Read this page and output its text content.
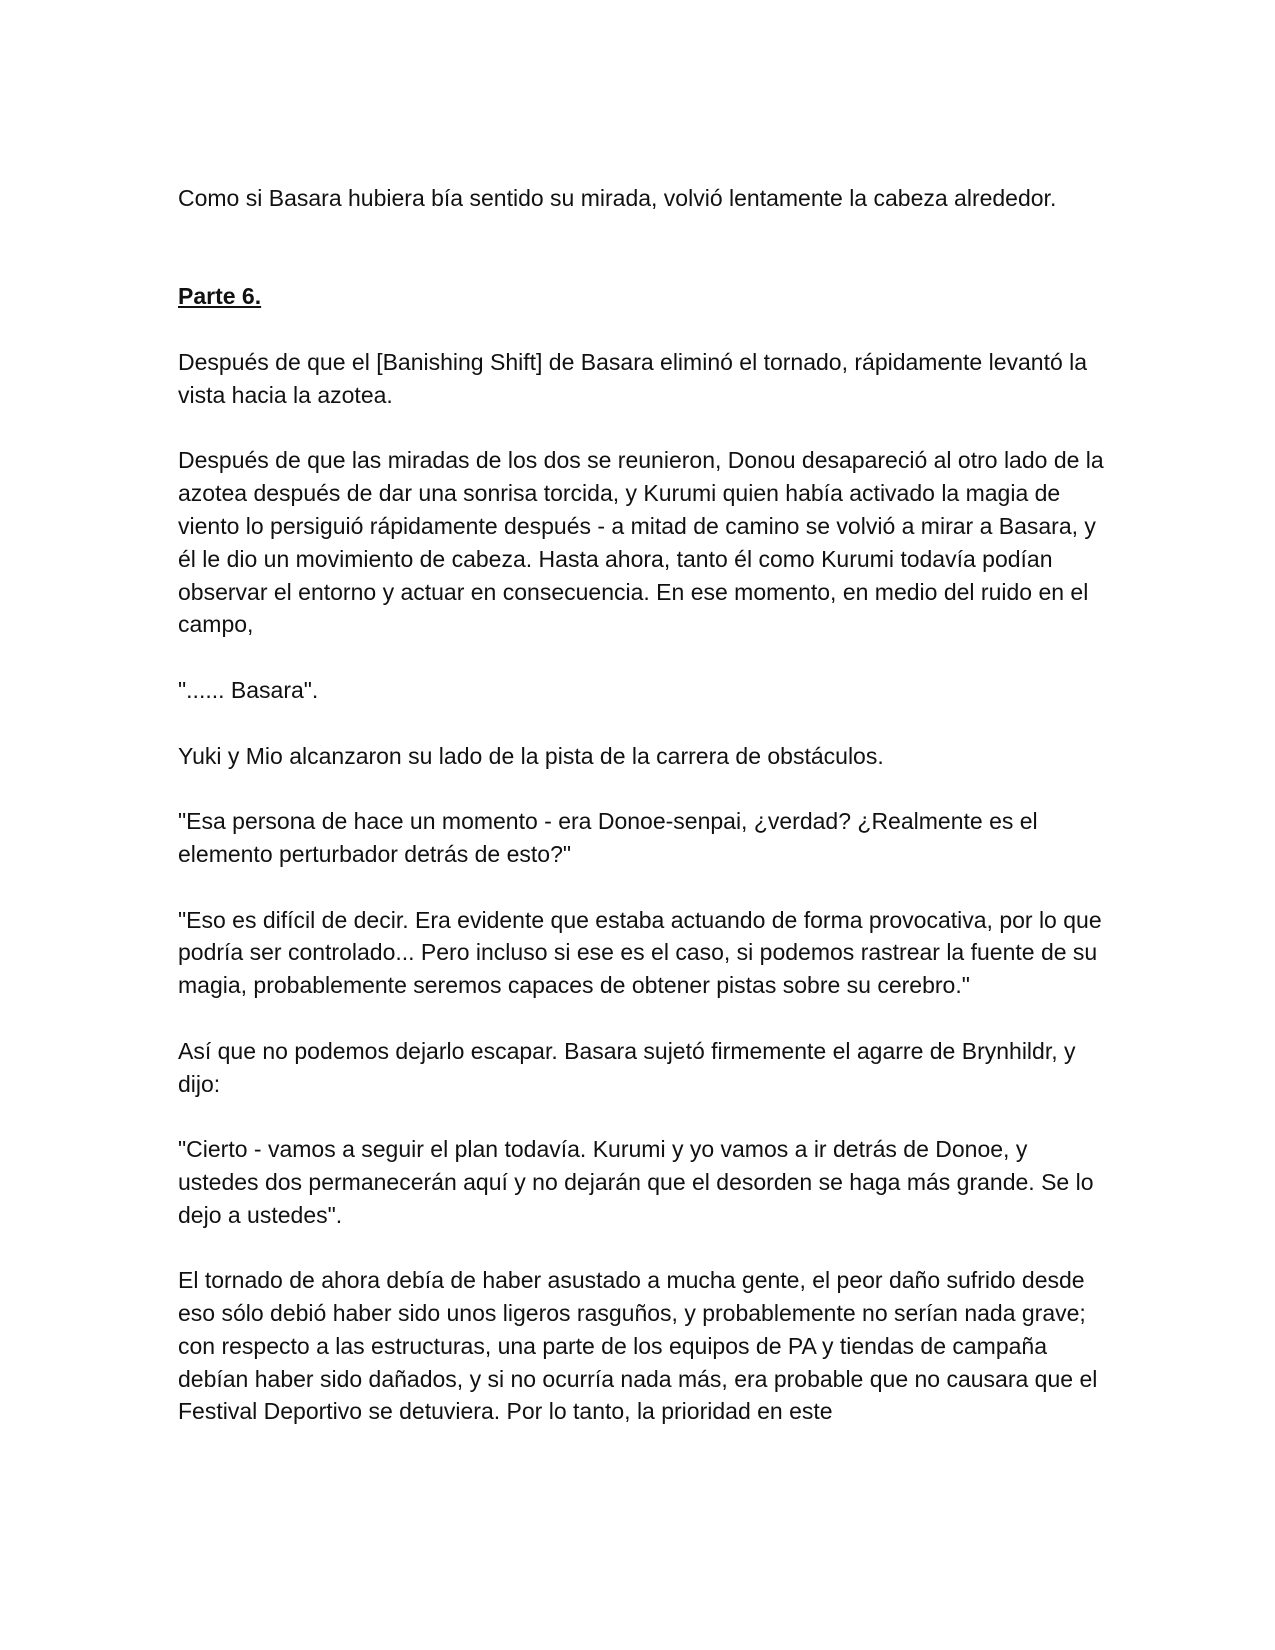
Como si Basara hubiera bía sentido su mirada, volvió lentamente la cabeza alrededor.

Parte 6.

Después de que el [Banishing Shift] de Basara eliminó el tornado, rápidamente levantó la vista hacia la azotea.

Después de que las miradas de los dos se reunieron, Donou desapareció al otro lado de la azotea después de dar una sonrisa torcida, y Kurumi quien había activado la magia de viento lo persiguió rápidamente después - a mitad de camino se volvió a mirar a Basara, y él le dio un movimiento de cabeza. Hasta ahora, tanto él como Kurumi todavía podían observar el entorno y actuar en consecuencia. En ese momento, en medio del ruido en el campo,

"...... Basara".

Yuki y Mio alcanzaron su lado de la pista de la carrera de obstáculos.

"Esa persona de hace un momento - era Donoe-senpai, ¿verdad? ¿Realmente es el elemento perturbador detrás de esto?"

"Eso es difícil de decir. Era evidente que estaba actuando de forma provocativa, por lo que podría ser controlado... Pero incluso si ese es el caso, si podemos rastrear la fuente de su magia, probablemente seremos capaces de obtener pistas sobre su cerebro."

Así que no podemos dejarlo escapar. Basara sujetó firmemente el agarre de Brynhildr, y dijo:

"Cierto - vamos a seguir el plan todavía. Kurumi y yo vamos a ir detrás de Donoe, y ustedes dos permanecerán aquí y no dejarán que el desorden se haga más grande. Se lo dejo a ustedes".

El tornado de ahora debía de haber asustado a mucha gente, el peor daño sufrido desde eso sólo debió haber sido unos ligeros rasguños, y probablemente no serían nada grave; con respecto a las estructuras, una parte de los equipos de PA y tiendas de campaña debían haber sido dañados, y si no ocurría nada más, era probable que no causara que el Festival Deportivo se detuviera. Por lo tanto, la prioridad en este
